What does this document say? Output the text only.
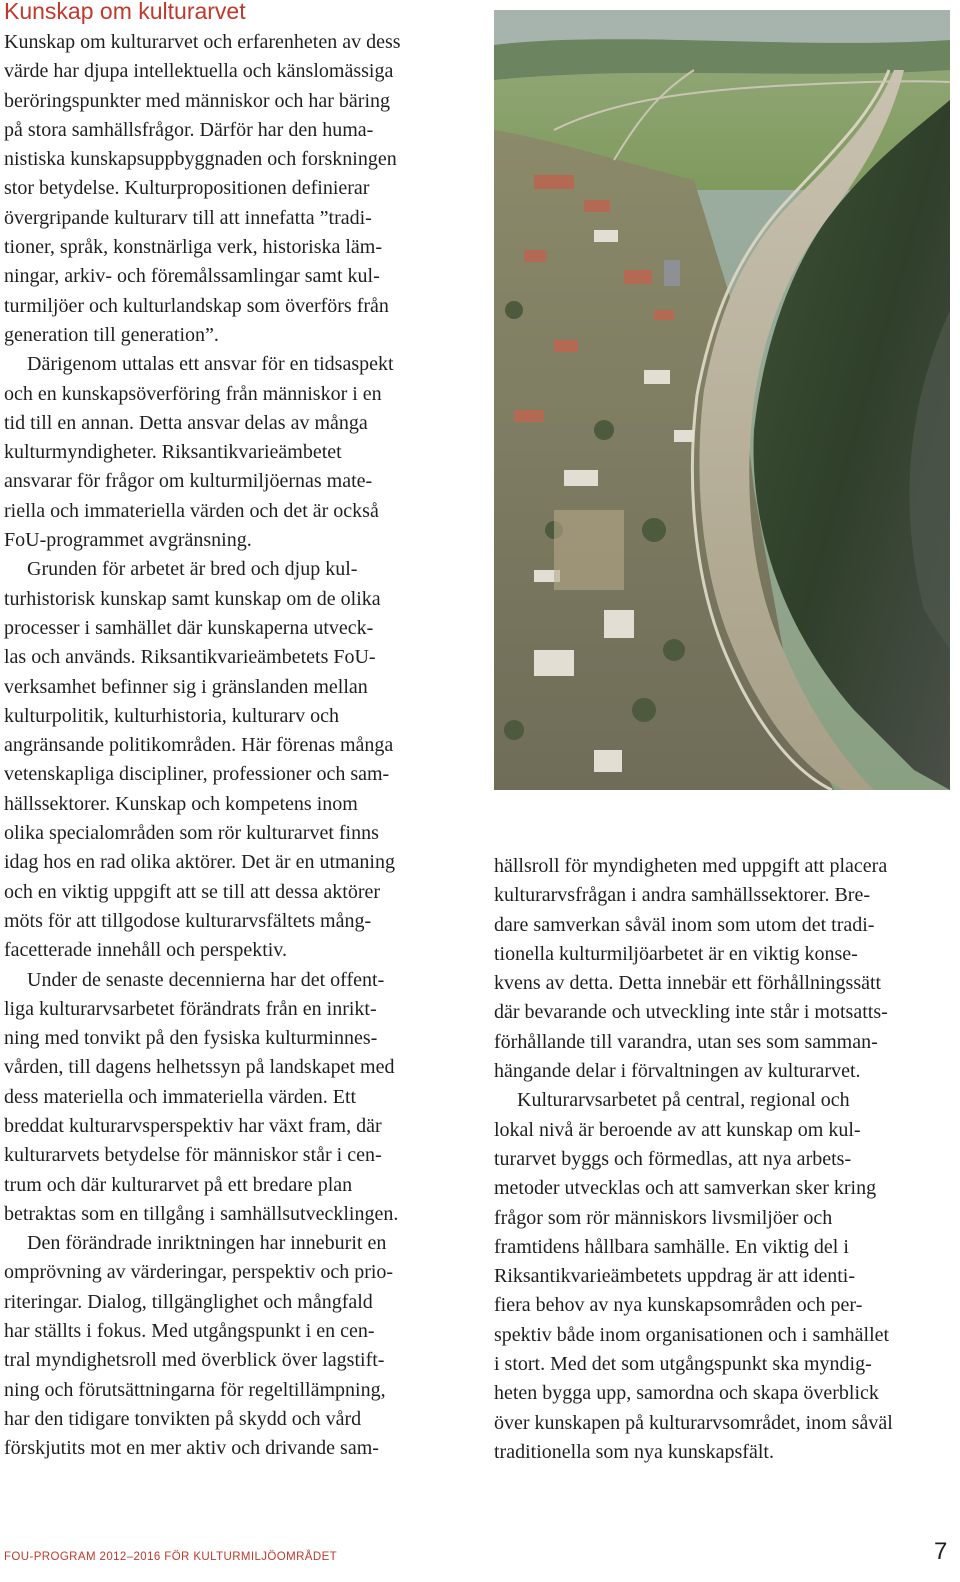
Kunskap om kulturarvet

Kunskap om kulturarvet och erfarenheten av dess
värde har djupa intellektuella och känslomässiga
beröringspunkter med människor och har bäring
på stora samhällsfrågor. Därför har den huma-
nistiska kunskapsuppbyggnaden och forskningen
stor betydelse. Kulturpropositionen definierar
övergripande kulturarv till att innefatta ”tradi-
tioner, språk, konstnärliga verk, historiska läm-
ningar, arkiv- och föremålssamlingar samt kul-
turmiljöer och kulturlandskap som överförs från
generation till generation”.

Därigenom uttalas ett ansvar för en tidsaspekt
och en kunskapsöverföring från människor i en
tid till en annan. Detta ansvar delas av många
kulturmyndigheter. Riksantikvarieämbetet
ansvarar för frågor om kulturmiljöernas mate-
riella och immateriella värden och det är också
FoU-programmet avgränsning.

Grunden för arbetet är bred och djup kul-
turhistorisk kunskap samt kunskap om de olika
processer i samhället där kunskaperna utveck-
las och används. Riksantikvarieämbetets FoU-
verksamhet befinner sig i gränslanden mellan
kulturpolitik, kulturhistoria, kulturarv och
angränsande politikområden. Här förenas många
vetenskapliga discipliner, professioner och sam-
hällssektorer. Kunskap och kompetens inom
olika specialområden som rör kulturarvet finns
idag hos en rad olika aktörer. Det är en utmaning
och en viktig uppgift att se till att dessa aktörer
möts för att tillgodose kulturarvsfältets mång-
facetterade innehåll och perspektiv.

Under de senaste decennierna har det offent-
liga kulturarvsarbetet förändrats från en inrikt-
ning med tonvikt på den fysiska kulturminnes-
vården, till dagens helhetssyn på landskapet med
dess materiella och immateriella värden. Ett
breddat kulturarvsperspektiv har växt fram, där
kulturarvets betydelse för människor står i cen-
trum och där kulturarvet på ett bredare plan
betraktas som en tillgång i samhällsutvecklingen.

Den förändrade inriktningen har inneburit en
omprövning av värderingar, perspektiv och prio-
riteringar. Dialog, tillgänglighet och mångfald
har ställts i fokus. Med utgångspunkt i en cen-
tral myndighetsroll med överblick över lagstift-
ning och förutsättningarna för regeltillämpning,
har den tidigare tonvikten på skydd och vård
förskjutits mot en mer aktiv och drivande sam-

hällsroll för myndigheten med uppgift att placera
kulturarvsfrågan i andra samhällssektorer. Bre-
dare samverkan såväl inom som utom det tradi-
tionella kulturmiljöarbetet är en viktig konse-
kvens av detta. Detta innebär ett förhållningssätt
där bevarande och utveckling inte står i motsatts-
förhållande till varandra, utan ses som samman-
hängande delar i förvaltningen av kulturarvet.

Kulturarvsarbetet på central, regional och
lokal nivå är beroende av att kunskap om kul-
turarvet byggs och förmedlas, att nya arbets-
metoder utvecklas och att samverkan sker kring
frågor som rör människors livsmiljöer och
framtidens hållbara samhälle. En viktig del i
Riksantikvarieämbetets uppdrag är att identi-
fiera behov av nya kunskapsområden och per-
spektiv både inom organisationen och i samhället
i stort. Med det som utgångspunkt ska myndig-
heten bygga upp, samordna och skapa överblick
över kunskapen på kulturarvsområdet, inom såväl
traditionella som nya kunskapsfält.

FOU-PROGRAM 2012–2016 FÖR KULTURMILJÖOMRÅDET	7
